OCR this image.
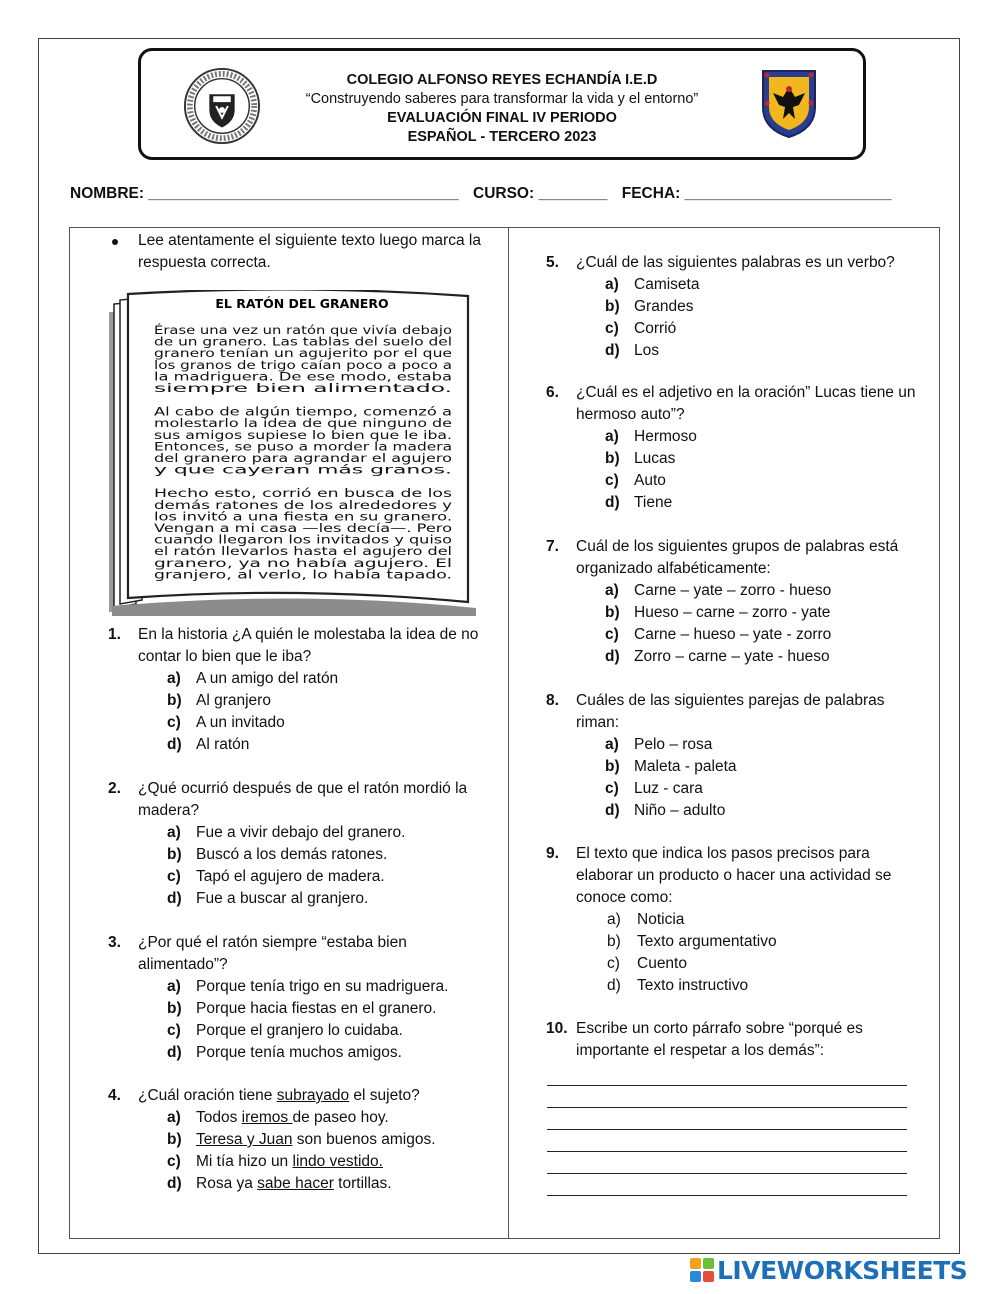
COLEGIO ALFONSO REYES ECHANDÍA I.E.D
“Construyendo saberes para transformar la vida y el entorno”
EVALUACIÓN FINAL IV PERIODO
ESPAÑOL - TERCERO 2023
NOMBRE: ____________________________________ CURSO: ________ FECHA: ________________________
Lee atentamente el siguiente texto luego marca la respuesta correcta.
EL RATÓN DEL GRANERO
Érase una vez un ratón que vivía debajo
de un granero. Las tablas del suelo del
granero tenían un agujerito por el que
los granos de trigo caían poco a poco a
la madriguera. De ese modo, estaba
siempre bien alimentado.
Al cabo de algún tiempo, comenzó a
molestarlo la idea de que ninguno de
sus amigos supiese lo bien que le iba.
Entonces, se puso a morder la madera
del granero para agrandar el agujero
y que cayeran más granos.
Hecho esto, corrió en busca de los
demás ratones de los alrededores y
los invitó a una fiesta en su granero.
Vengan a mi casa —les decía—. Pero
cuando llegaron los invitados y quiso
el ratón llevarlos hasta el agujero del
granero, ya no había agujero. El
granjero, al verlo, lo había tapado.
1. En la historia ¿A quién le molestaba la idea de no contar lo bien que le iba?
a) A un amigo del ratón
b) Al granjero
c) A un invitado
d) Al ratón
2. ¿Qué ocurrió después de que el ratón mordió la madera?
a) Fue a vivir debajo del granero.
b) Buscó a los demás ratones.
c) Tapó el agujero de madera.
d) Fue a buscar al granjero.
3. ¿Por qué el ratón siempre “estaba bien alimentado”?
a) Porque tenía trigo en su madriguera.
b) Porque hacia fiestas en el granero.
c) Porque el granjero lo cuidaba.
d) Porque tenía muchos amigos.
4. ¿Cuál oración tiene subrayado el sujeto?
a) Todos iremos de paseo hoy.
b) Teresa y Juan son buenos amigos.
c) Mi tía hizo un lindo vestido.
d) Rosa ya sabe hacer tortillas.
5. ¿Cuál de las siguientes palabras es un verbo?
a) Camiseta
b) Grandes
c) Corrió
d) Los
6. ¿Cuál es el adjetivo en la oración” Lucas tiene un hermoso auto”?
a) Hermoso
b) Lucas
c) Auto
d) Tiene
7. Cuál de los siguientes grupos de palabras está organizado alfabéticamente:
a) Carne – yate – zorro - hueso
b) Hueso – carne – zorro - yate
c) Carne – hueso – yate - zorro
d) Zorro – carne – yate - hueso
8. Cuáles de las siguientes parejas de palabras riman:
a) Pelo – rosa
b) Maleta - paleta
c) Luz - cara
d) Niño – adulto
9. El texto que indica los pasos precisos para elaborar un producto o hacer una actividad se conoce como:
a) Noticia
b) Texto argumentativo
c) Cuento
d) Texto instructivo
10. Escribe un corto párrafo sobre “porqué es importante el respetar a los demás”:
LIVEWORKSHEETS
